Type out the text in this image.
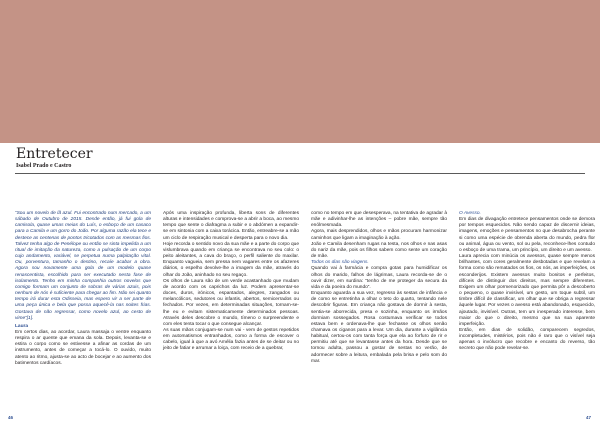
Entretecer
Isabel Prado e Castro

“Sou um novelo de lã azul. Fui encontrado num mercado, a um sábado de Outubro de 2015. Desde então, já fui gola de camisola, quase umas meias do Luís, o esboço de um casaco para a Camila e um gorro do João. Por alguma razão ela tece e destece as centenas de pontos tricotados com as mesmas fios. Talvez tenha algo de Penélope ou então se sinta impelida a um ritual de imitação da natureza, como a pulsação de um corpo cujo andamento, variável, se perpetua numa palpitação vital. Ou, porventura, tamanho o destino, recaíe acabar a obra. Agora sou novamente uma gola de um modelo quase renascentista, escolhido para ser executado nesta fase de isolamento. Tenho em minha companhia outros novelos que comigo formam um conjunto de sobras de várias azuis, pois nenhum de nós é suficiente para chegar ao fim. Não sei quanto tempo irá durar esta Odisseia, mas espero vir a ser parte de uma peça única e bela que possa aquecê-la nas noites frias. Gostava de não regressar, como novelo azul, ao cesto de vime”[1].

Laura

Em certos dias, ao acordar, Laura massaja o ventre enquanto respira o ar quente que emana da sola. Depois, levanta-se e estira o corpo como se estivesse a afinar as cordas de um instrumento, antes de começar a tocá-lo. O ouvido, muito atento ao ritmo, ajusta-se ao acto de bocejar e ao aumento dos batimentos cardíacos.

Após uma inspiração profunda, liberta sons de diferentes alturas e intensidades e comprova-se a abrir a boca, ao mesmo tempo que sente o diafragma a subir e o abdómen a expandir-se em sintonia com a caixa torácica. Então, entreabre-se a mão um ciclo de respiração musical e desperta para o novo dia.
Hoje recorda o sentido novo da sua mãe e a parte do corpo que vislumbrava quando em criança se encontrava no seu colo: o peito aleitantes, a cava do braço, o perfil saliente do maxilar. Enquanto vagueia, sem pressa nem vagares entre os afazeres diários, o espelho devolve-lhe a imagem da mãe, através do olhar do João, aninhado no seu regaço.
Os olhos de Laura são de um verde acastanhado que mudam de acordo com os caprichos da luz. Podem apresentar-se doces, duros, irónicos, espantados, alegres, zangados ou melancólicos, sedutores ou infantis, abertos, semicerrados ou fechados. Por vezes, em determinadas situações, tornam-se-lhe eu e evitam sistematicamente determinados pessoas. Através deles descobre o mundo, tímeno o surpreendente e com eles tenta tocar o que consegue alcançar.
As suas mãos conjugam-se num vai - vem de gestos repetidos em automatismos entranhados, como a forma de escover o cabelo, igual à que a avó Amélia fazia antes de se deitar ou no jeito de fatiar e arrumar a loiça, com receio de a quebrar,

como no tempo em que desesperava, na tentativa de agradar à mãe e adivinhar-lhe as intenções – pobre mãe, sempre tão enólmesmada.
Agora, mais desprendidos, olhos e mãos procuram harmonizar caminhos que ligam a imaginação à ação.
João e Camila desenham rugas na testa, nos olhos e nas asas do nariz da mãe, pois os filhos sabem como sente um coração de mãe.

Todos os dias são viagens.

Quando vai à farmácia e compra gotas para humidificar os olhos do marido, falhos de lágrimas, Laura recorda-se de o ouvir dizer, em surdina: “tenho de me proteger da secura da vida e da poeira do mundo”.
Enquanto aguarda a sua vez, regresso às sestas de infância e de como se entretinha a olhar o teto do quarto, tentando nele descobrir figuras. Em criança não gostava de dormir à sesta, sentia-se aborrecida, presa e sozinha, enquanto os irmãos dormiam sossegados. Rosa costumava verificar se todos estava bem e ordenava-lhe que fechasse os olhos senão chamava os ciganos para a levar. Um dia, durante a vigilância habitual, certou-os com tanta força que ela ao forfuro de rir e permitiu até que se levantasse antes da hora. Desde que se tornou adulta, passou a gostar de sestas no verão, de adormecer sobre a leitura, embalada pela brisa e pelo som do mar.

O Avesso.

Em dias de divagação entretece pensamentos onde se demora por tempos esquecidos. Não sendo capaz de discernir ideias, imagens, emoções e pensamentos no que desabrocha perante si como uma espécie de obrenda aberta do mundo, pedra flor ou animal, água ou vento, sol ou pela, reconhece-lhes contudo o esboço de uma trama, um princípio, um direito e um avesso.
Laura aprecia com minúcia os avessos, quase sempre menos brilhantes, com cores geralmente desbotadas e que revelam a forma como são rematados os fios, os nós, as imperfeições, os esconderijos. Existem avessos muito bonitos e perfeitos, difíceis de distinguir dos direitos, mas sempre diferentes. Exigem um olhar pormenorizado que permita pôr a descoberto o pequeno, o quase invisível, um gesto, um toque subtil, um timbre difícil de classificar, um olhar que se obriga a regressar àquele lugar. Por vezes o avesso está abandonado, esquecido, ajoutado, invisível. Outras, tem um inesperado interesse, bem maior do que o direito, mesmo que na sua aparente imperfeição.
Então, em dias de solidão, comparecem segredos, incompletudes, mistérios, pois não é raro que o visível seja apenas o invólucro que recobre e encanto do reverso, tão secreto que não pode revelar-se.

46	47
